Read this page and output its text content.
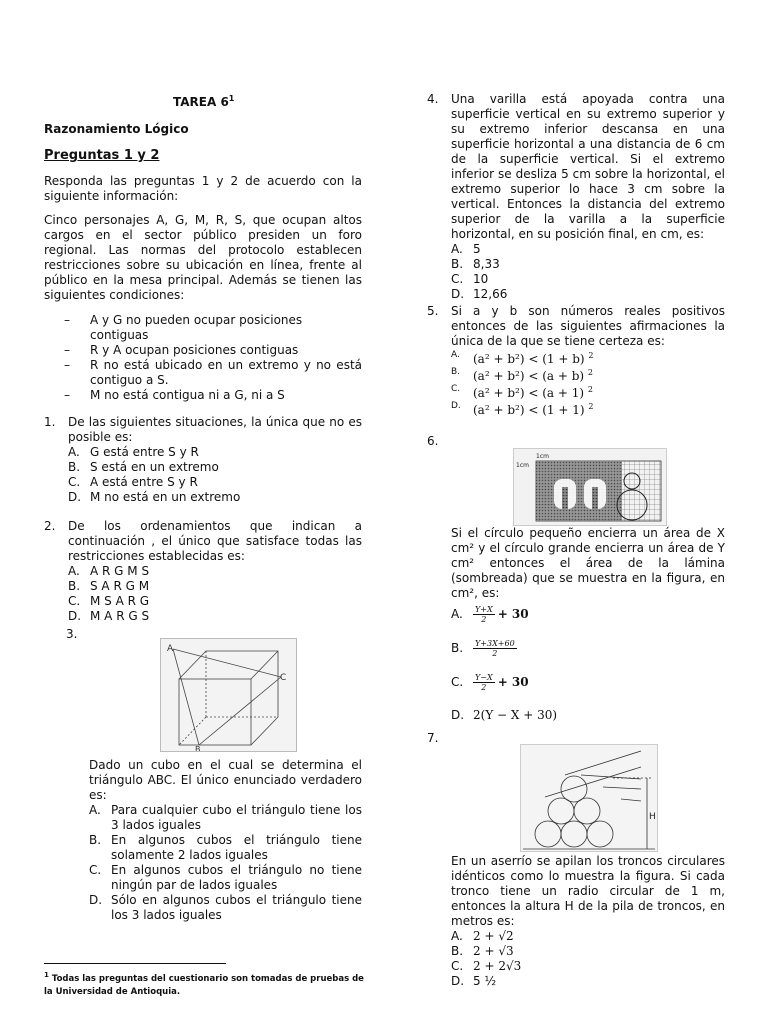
TAREA $6^1$

Razonamiento Lógico

Preguntas 1 y 2

Responda las preguntas 1 y 2 de acuerdo con la siguiente información:

Cinco personajes A, G, M, R, S, que ocupan altos cargos en el sector público presiden un foro regional. Las normas del protocolo establecen restricciones sobre su ubicación en línea, frente al público en la mesa principal. Además se tienen las siguientes condiciones:

–	A y G no pueden ocupar posiciones contiguas
–	R y A ocupan posiciones contiguas
–	R no está ubicado en un extremo y no está contiguo a S.
–	M no está contigua ni a G, ni a S
1.	De las siguientes situaciones, la única que no es posible es:

A. G está entre S y R
B. S está en un extremo
C. A está entre S y R
D. M no está en un extremo
2.	De los ordenamientos que indican a continuación , el único que satisface todas las restricciones establecidas es:

A. A R G M S
B. S A R G M
C. M S A R G
D. M A R G S
3.
A
C
B

Dado un cubo en el cual se determina el triángulo ABC. El único enunciado verdadero es:

A. Para cualquier cubo el triángulo tiene los 3 lados iguales
B. En algunos cubos el triángulo tiene solamente 2 lados iguales
C. En algunos cubos el triángulo no tiene ningún par de lados iguales
D. Sólo en algunos cubos el triángulo tiene los 3 lados iguales
$^1$ Todas las preguntas del cuestionario son tomadas de pruebas de la Universidad de Antioquia.
4.	Una varilla está apoyada contra una superficie vertical en su extremo superior y su extremo inferior descansa en una superficie horizontal a una distancia de 6 cm de la superficie vertical. Si el extremo inferior se desliza 5 cm sobre la horizontal, el extremo superior lo hace 3 cm sobre la vertical. Entonces la distancia del extremo superior de la varilla a la superficie horizontal, en su posición final, en cm, es:

A. 5
B. 8,33
C. 10
D. 12,66
5.	Si a y b son números reales positivos entonces de las siguientes afirmaciones la única de la que se tiene certeza es:

A.	(a² + b²) < (1 + b) $^2$
B.	(a² + b²) < (a + b) $^2$
C.	(a² + b²) < (a + 1) $^2$
D.	(a² + b²) < (1 + 1) $^2$
6.
1cm
1cm

Si el círculo pequeño encierra un área de X cm² y el círculo grande encierra un área de Y cm² entonces el área de la lámina (sombreada) que se muestra en la figura, en cm², es:

A.	$\frac{Y+X}{2} + 30$
B.	$\frac{Y+3X+60}{2}$
C.	$\frac{Y-X}{2} + 30$
D. 2(Y − X + 30)
7.
H

En un aserrío se apilan los troncos circulares idénticos como lo muestra la figura. Si cada tronco tiene un radio circular de 1 m, entonces la altura H de la pila de troncos, en metros es:

A. 2 + √2
B. 2 + √3
C. 2 + 2√3
D. 5 ½
